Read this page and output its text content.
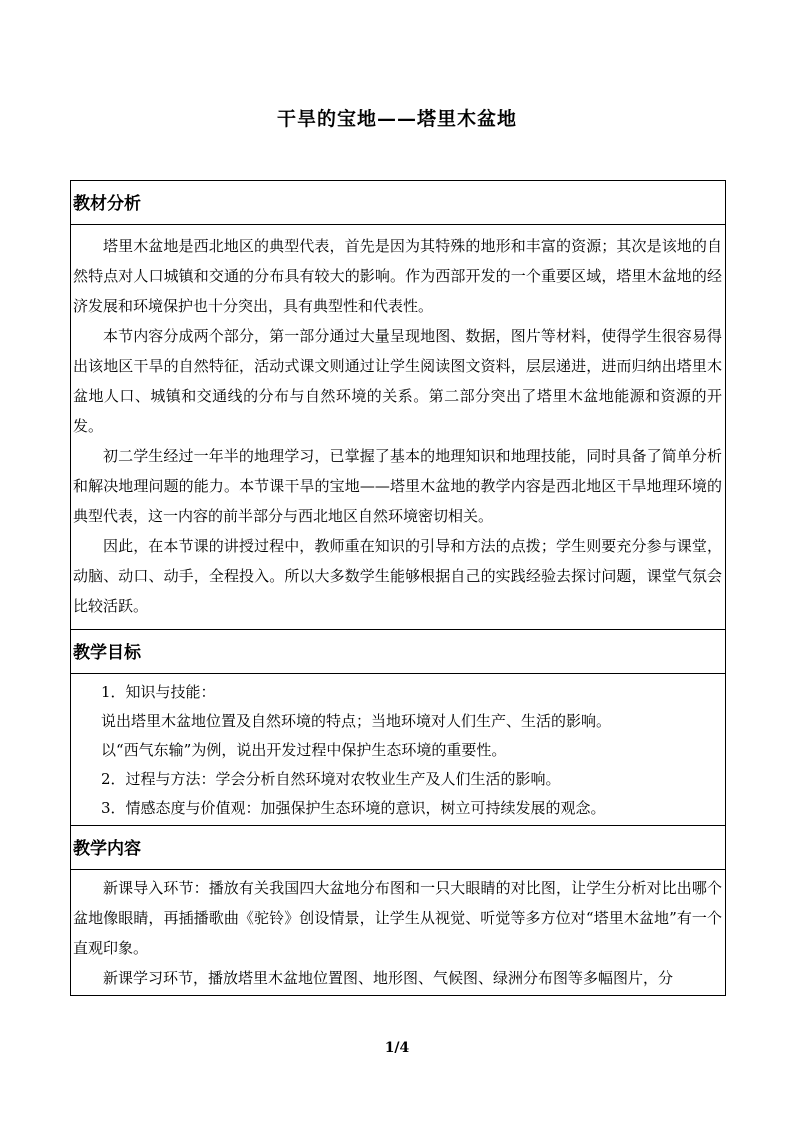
干旱的宝地——塔里木盆地
教材分析

塔里木盆地是西北地区的典型代表，首先是因为其特殊的地形和丰富的资源；其次是该地的自然特点对人口城镇和交通的分布具有较大的影响。作为西部开发的一个重要区域，塔里木盆地的经济发展和环境保护也十分突出，具有典型性和代表性。

本节内容分成两个部分，第一部分通过大量呈现地图、数据，图片等材料，使得学生很容易得出该地区干旱的自然特征，活动式课文则通过让学生阅读图文资料，层层递进，进而归纳出塔里木盆地人口、城镇和交通线的分布与自然环境的关系。第二部分突出了塔里木盆地能源和资源的开发。

初二学生经过一年半的地理学习，已掌握了基本的地理知识和地理技能，同时具备了简单分析和解决地理问题的能力。本节课干旱的宝地——塔里木盆地的教学内容是西北地区干旱地理环境的典型代表，这一内容的前半部分与西北地区自然环境密切相关。

因此，在本节课的讲授过程中，教师重在知识的引导和方法的点拨；学生则要充分参与课堂，动脑、动口、动手，全程投入。所以大多数学生能够根据自己的实践经验去探讨问题，课堂气氛会比较活跃。

教学目标

1．知识与技能：

说出塔里木盆地位置及自然环境的特点；当地环境对人们生产、生活的影响。

以“西气东输”为例，说出开发过程中保护生态环境的重要性。

2．过程与方法：学会分析自然环境对农牧业生产及人们生活的影响。

3．情感态度与价值观：加强保护生态环境的意识，树立可持续发展的观念。

教学内容

新课导入环节：播放有关我国四大盆地分布图和一只大眼睛的对比图，让学生分析对比出哪个盆地像眼睛，再插播歌曲《驼铃》创设情景，让学生从视觉、听觉等多方位对“塔里木盆地”有一个直观印象。

新课学习环节，播放塔里木盆地位置图、地形图、气候图、绿洲分布图等多幅图片，分

1/4
